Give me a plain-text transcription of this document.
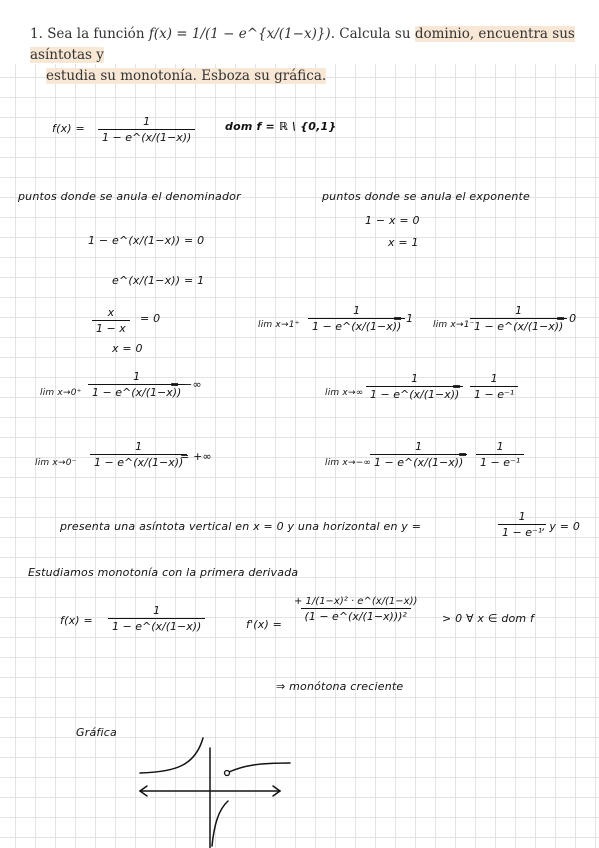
1. Sea la función f(x) = 1/(1 − e^{x/(1−x)}). Calcula su dominio, encuentra sus asíntotas y
estudia su monotonía. Esboza su gráfica.
$f(x) = \frac{1}{1 - e\^{}(x/(1-x))}$	dom f = ℝ \ {0,1}
puntos donde se anula el denominador	puntos donde se anula el exponente
1 − x = 0
x = 1
1 − e^(x/(1−x)) = 0
e^(x/(1−x)) = 1
$\frac{x}{1 - x} = 0$
x = 0
$\lim x\to 1^+ \frac{1}{1 - e\^{}(x/(1-x))}$
= 1 lim x→1⁻
$\frac{1}{1 - e\^{}(x/(1-x))}$
= 0
$\lim x\to 0^+ \frac{1}{1 - e\^{}(x/(1-x))}$
= −∞
$\lim x\to\infty \frac{1}{1 - e\^{}(x/(1-x))}$
= $\frac{1}{\text{1 − e⁻¹}}$
$\lim x\to 0^- \frac{1}{1 - e\^{}(x/(1-x))}$
= +∞	lim x→−∞
$\frac{1}{1 - e\^{}(x/(1-x))}$
= $\frac{1}{\text{1 − e⁻¹}}$
presenta una asíntota vertical en x = 0 y una horizontal en y =	$\frac{1}{\text{1 − e⁻¹}}$
, y = 0
Estudiamos monotonía con la primera derivada
$f(x) = \frac{1}{1 - e\^{}(x/(1-x))}$	f'(x) =
$\frac{\text{+ 1/(1−x)² · e\textasciicircum{}(x/(1−x))}}{\text{(1 − e\textasciicircum{}(x/(1−x)))²}} > 0$ ∀ x ∈ dom f
⇒ monótona creciente
Gráfica
